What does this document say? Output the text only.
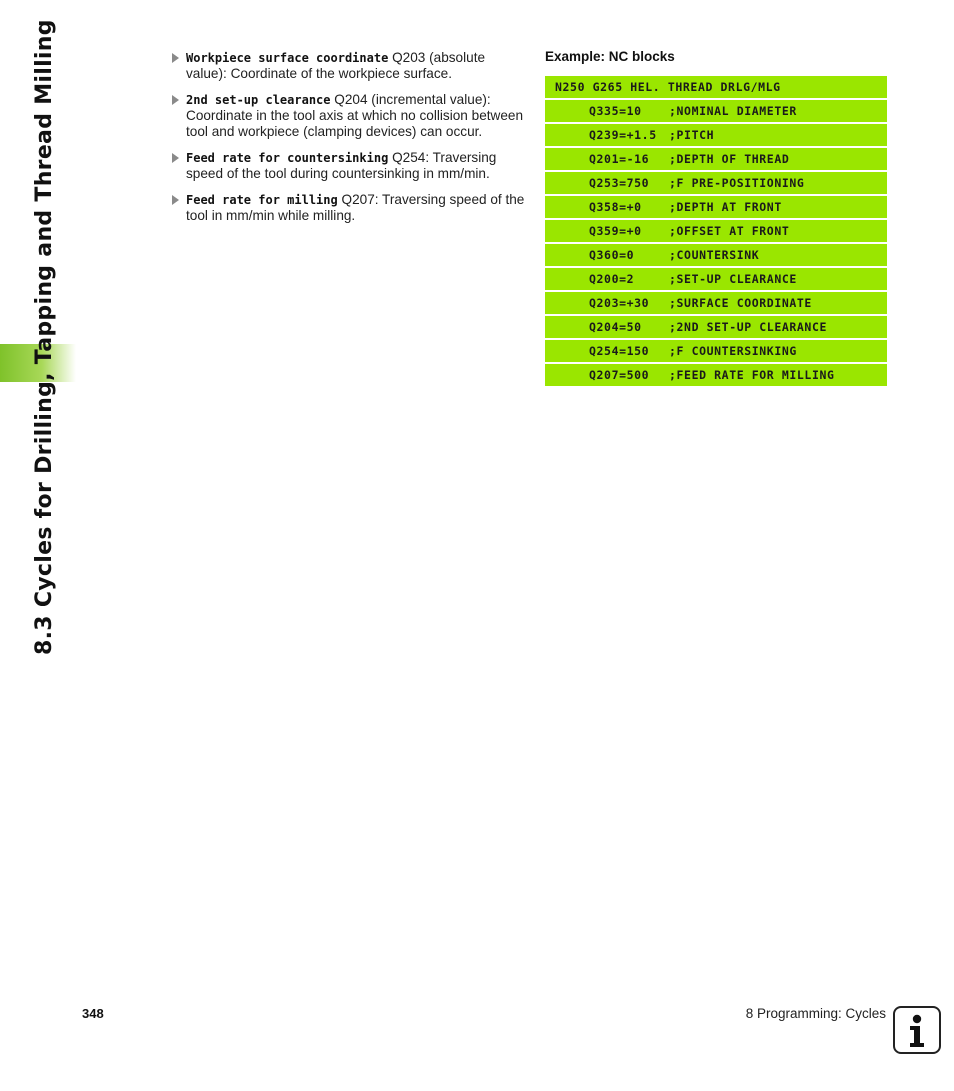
8.3 Cycles for Drilling, Tapping and Thread Milling	Workpiece surface coordinate Q203 (absolute value): Coordinate of the workpiece surface.
2nd set-up clearance Q204 (incremental value): Coordinate in the tool axis at which no collision between tool and workpiece (clamping devices) can occur.
Feed rate for countersinking Q254: Traversing speed of the tool during countersinking in mm/min.
Feed rate for milling Q207: Traversing speed of the tool in mm/min while milling.
Example: NC blocks
N250 G265 HEL. THREAD DRLG/MLG
Q335=10 ;NOMINAL DIAMETER
Q239=+1.5 ;PITCH
Q201=-16 ;DEPTH OF THREAD
Q253=750 ;F PRE-POSITIONING
Q358=+0 ;DEPTH AT FRONT
Q359=+0 ;OFFSET AT FRONT
Q360=0	;COUNTERSINK
Q200=2	;SET-UP CLEARANCE
Q203=+30 ;SURFACE COORDINATE
Q204=50 ;2ND SET-UP CLEARANCE
Q254=150 ;F COUNTERSINKING
Q207=500 ;FEED RATE FOR MILLING
348	8 Programming: Cycles
